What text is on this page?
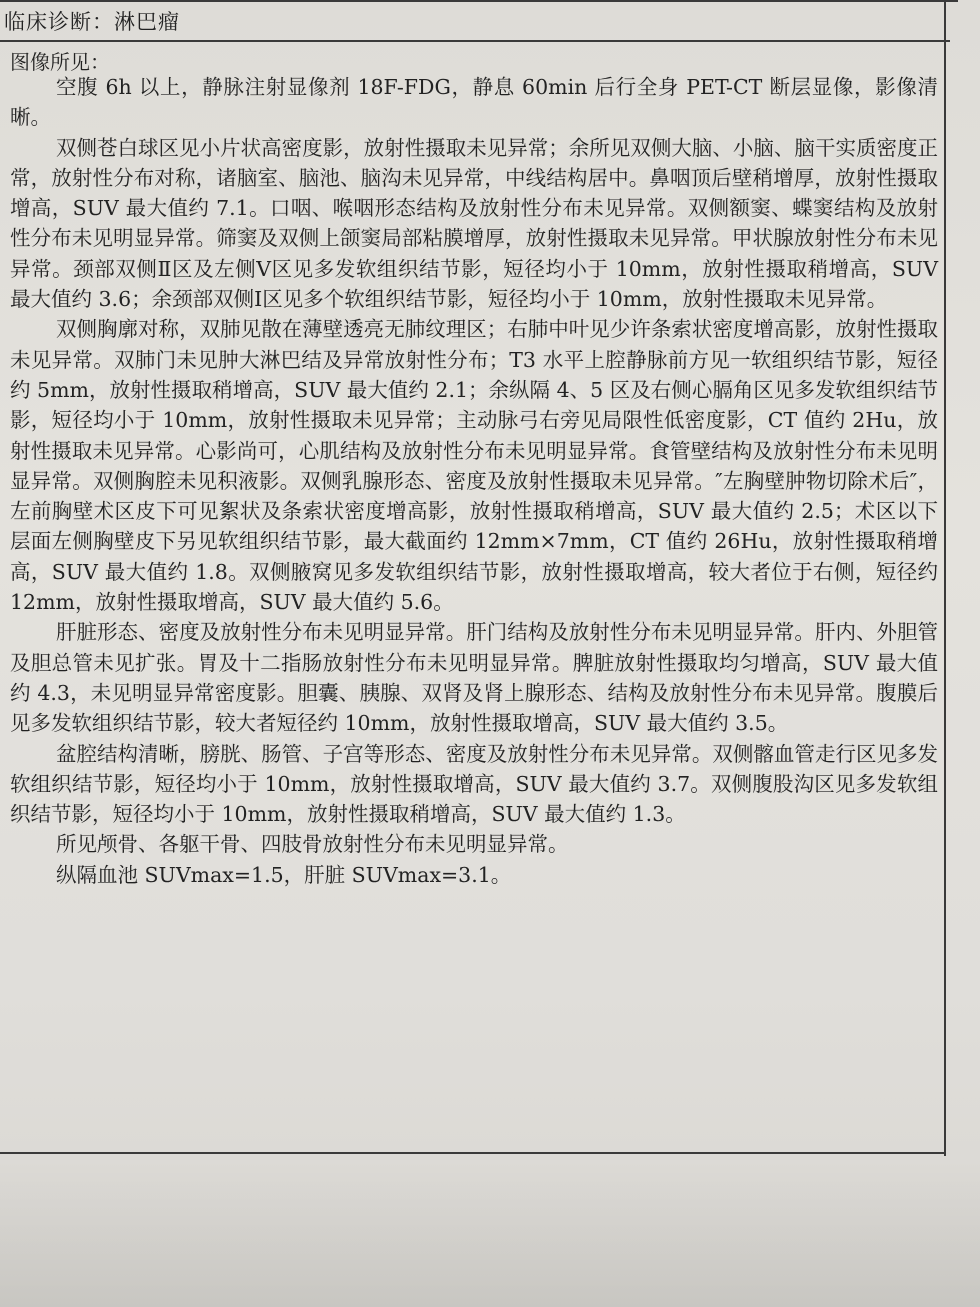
临床诊断：淋巴瘤
图像所见：

空腹 6h 以上，静脉注射显像剂 18F-FDG，静息 60min 后行全身 PET-CT 断层显像，影像清晰。

双侧苍白球区见小片状高密度影，放射性摄取未见异常；余所见双侧大脑、小脑、脑干实质密度正常，放射性分布对称，诸脑室、脑池、脑沟未见异常，中线结构居中。鼻咽顶后壁稍增厚，放射性摄取增高，SUV 最大值约 7.1。口咽、喉咽形态结构及放射性分布未见异常。双侧额窦、蝶窦结构及放射性分布未见明显异常。筛窦及双侧上颌窦局部粘膜增厚，放射性摄取未见异常。甲状腺放射性分布未见异常。颈部双侧Ⅱ区及左侧Ⅴ区见多发软组织结节影，短径均小于 10mm，放射性摄取稍增高，SUV 最大值约 3.6；余颈部双侧Ⅰ区见多个软组织结节影，短径均小于 10mm，放射性摄取未见异常。

双侧胸廓对称，双肺见散在薄壁透亮无肺纹理区；右肺中叶见少许条索状密度增高影，放射性摄取未见异常。双肺门未见肿大淋巴结及异常放射性分布；T3 水平上腔静脉前方见一软组织结节影，短径约 5mm，放射性摄取稍增高，SUV 最大值约 2.1；余纵隔 4、5 区及右侧心膈角区见多发软组织结节影，短径均小于 10mm，放射性摄取未见异常；主动脉弓右旁见局限性低密度影，CT 值约 2Hu，放射性摄取未见异常。心影尚可，心肌结构及放射性分布未见明显异常。食管壁结构及放射性分布未见明显异常。双侧胸腔未见积液影。双侧乳腺形态、密度及放射性摄取未见异常。″左胸壁肿物切除术后″，左前胸壁术区皮下可见絮状及条索状密度增高影，放射性摄取稍增高，SUV 最大值约 2.5；术区以下层面左侧胸壁皮下另见软组织结节影，最大截面约 12mm×7mm，CT 值约 26Hu，放射性摄取稍增高，SUV 最大值约 1.8。双侧腋窝见多发软组织结节影，放射性摄取增高，较大者位于右侧，短径约 12mm，放射性摄取增高，SUV 最大值约 5.6。

肝脏形态、密度及放射性分布未见明显异常。肝门结构及放射性分布未见明显异常。肝内、外胆管及胆总管未见扩张。胃及十二指肠放射性分布未见明显异常。脾脏放射性摄取均匀增高，SUV 最大值约 4.3，未见明显异常密度影。胆囊、胰腺、双肾及肾上腺形态、结构及放射性分布未见异常。腹膜后见多发软组织结节影，较大者短径约 10mm，放射性摄取增高，SUV 最大值约 3.5。

盆腔结构清晰，膀胱、肠管、子宫等形态、密度及放射性分布未见异常。双侧髂血管走行区见多发软组织结节影，短径均小于 10mm，放射性摄取增高，SUV 最大值约 3.7。双侧腹股沟区见多发软组织结节影，短径均小于 10mm，放射性摄取稍增高，SUV 最大值约 1.3。

所见颅骨、各躯干骨、四肢骨放射性分布未见明显异常。

纵隔血池 SUVmax=1.5，肝脏 SUVmax=3.1。
